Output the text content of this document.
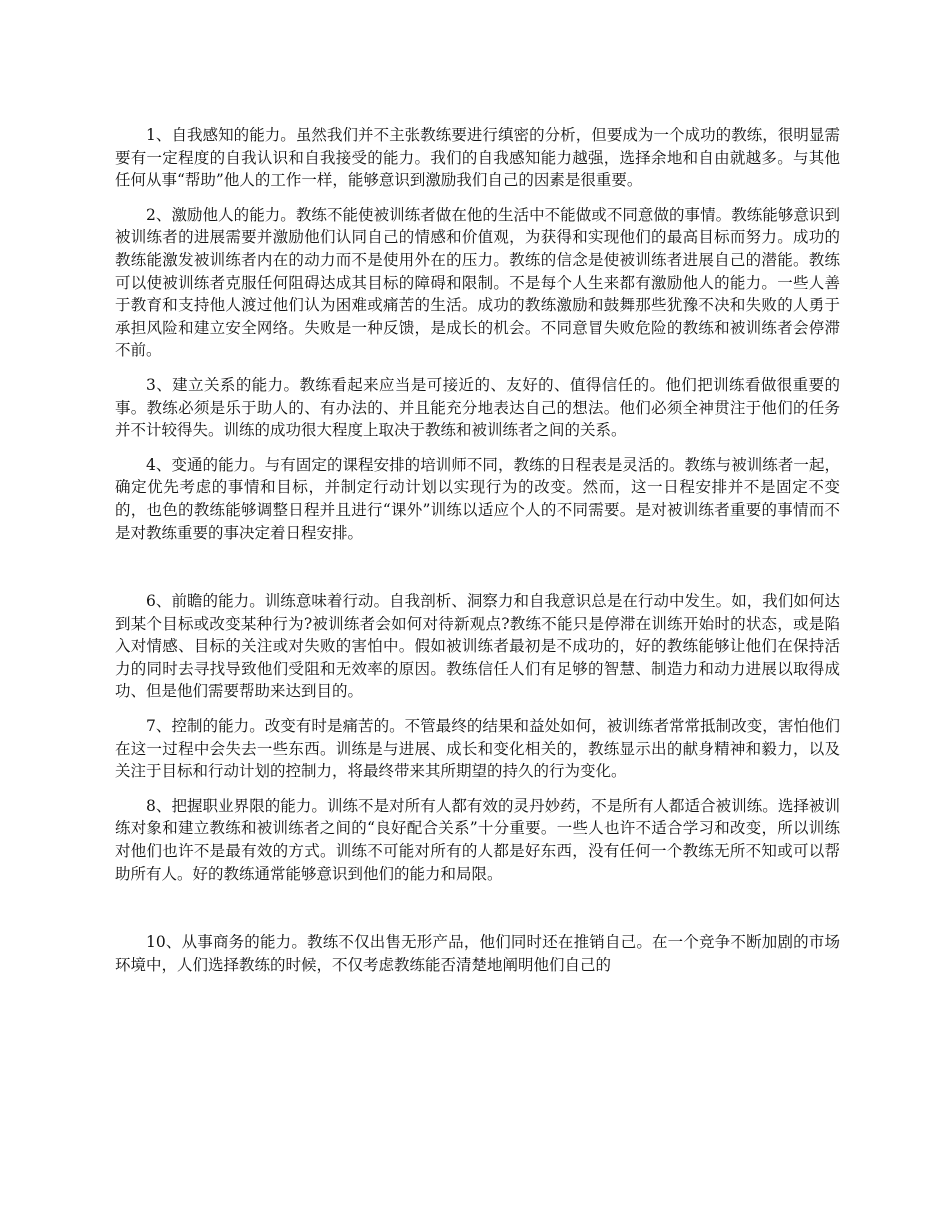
1、自我感知的能力。虽然我们并不主张教练要进行缜密的分析，但要成为一个成功的教练，很明显需要有一定程度的自我认识和自我接受的能力。我们的自我感知能力越强，选择余地和自由就越多。与其他任何从事“帮助”他人的工作一样，能够意识到激励我们自己的因素是很重要。

2、激励他人的能力。教练不能使被训练者做在他的生活中不能做或不同意做的事情。教练能够意识到被训练者的进展需要并激励他们认同自己的情感和价值观，为获得和实现他们的最高目标而努力。成功的教练能激发被训练者内在的动力而不是使用外在的压力。教练的信念是使被训练者进展自己的潜能。教练可以使被训练者克服任何阻碍达成其目标的障碍和限制。不是每个人生来都有激励他人的能力。一些人善于教育和支持他人渡过他们认为困难或痛苦的生活。成功的教练激励和鼓舞那些犹豫不决和失败的人勇于承担风险和建立安全网络。失败是一种反馈，是成长的机会。不同意冒失败危险的教练和被训练者会停滞不前。

3、建立关系的能力。教练看起来应当是可接近的、友好的、值得信任的。他们把训练看做很重要的事。教练必须是乐于助人的、有办法的、并且能充分地表达自己的想法。他们必须全神贯注于他们的任务并不计较得失。训练的成功很大程度上取决于教练和被训练者之间的关系。

4、变通的能力。与有固定的课程安排的培训师不同，教练的日程表是灵活的。教练与被训练者一起，确定优先考虑的事情和目标，并制定行动计划以实现行为的改变。然而，这一日程安排并不是固定不变的，也色的教练能够调整日程并且进行“课外”训练以适应个人的不同需要。是对被训练者重要的事情而不是对教练重要的事决定着日程安排。

6、前瞻的能力。训练意味着行动。自我剖析、洞察力和自我意识总是在行动中发生。如，我们如何达到某个目标或改变某种行为?被训练者会如何对待新观点?教练不能只是停滞在训练开始时的状态，或是陷入对情感、目标的关注或对失败的害怕中。假如被训练者最初是不成功的，好的教练能够让他们在保持活力的同时去寻找导致他们受阻和无效率的原因。教练信任人们有足够的智慧、制造力和动力进展以取得成功、但是他们需要帮助来达到目的。

7、控制的能力。改变有时是痛苦的。不管最终的结果和益处如何，被训练者常常抵制改变，害怕他们在这一过程中会失去一些东西。训练是与进展、成长和变化相关的，教练显示出的献身精神和毅力，以及关注于目标和行动计划的控制力，将最终带来其所期望的持久的行为变化。

8、把握职业界限的能力。训练不是对所有人都有效的灵丹妙药，不是所有人都适合被训练。选择被训练对象和建立教练和被训练者之间的“良好配合关系”十分重要。一些人也许不适合学习和改变，所以训练对他们也许不是最有效的方式。训练不可能对所有的人都是好东西，没有任何一个教练无所不知或可以帮助所有人。好的教练通常能够意识到他们的能力和局限。

10、从事商务的能力。教练不仅出售无形产品，他们同时还在推销自己。在一个竞争不断加剧的市场环境中，人们选择教练的时候，不仅考虑教练能否清楚地阐明他们自己的
